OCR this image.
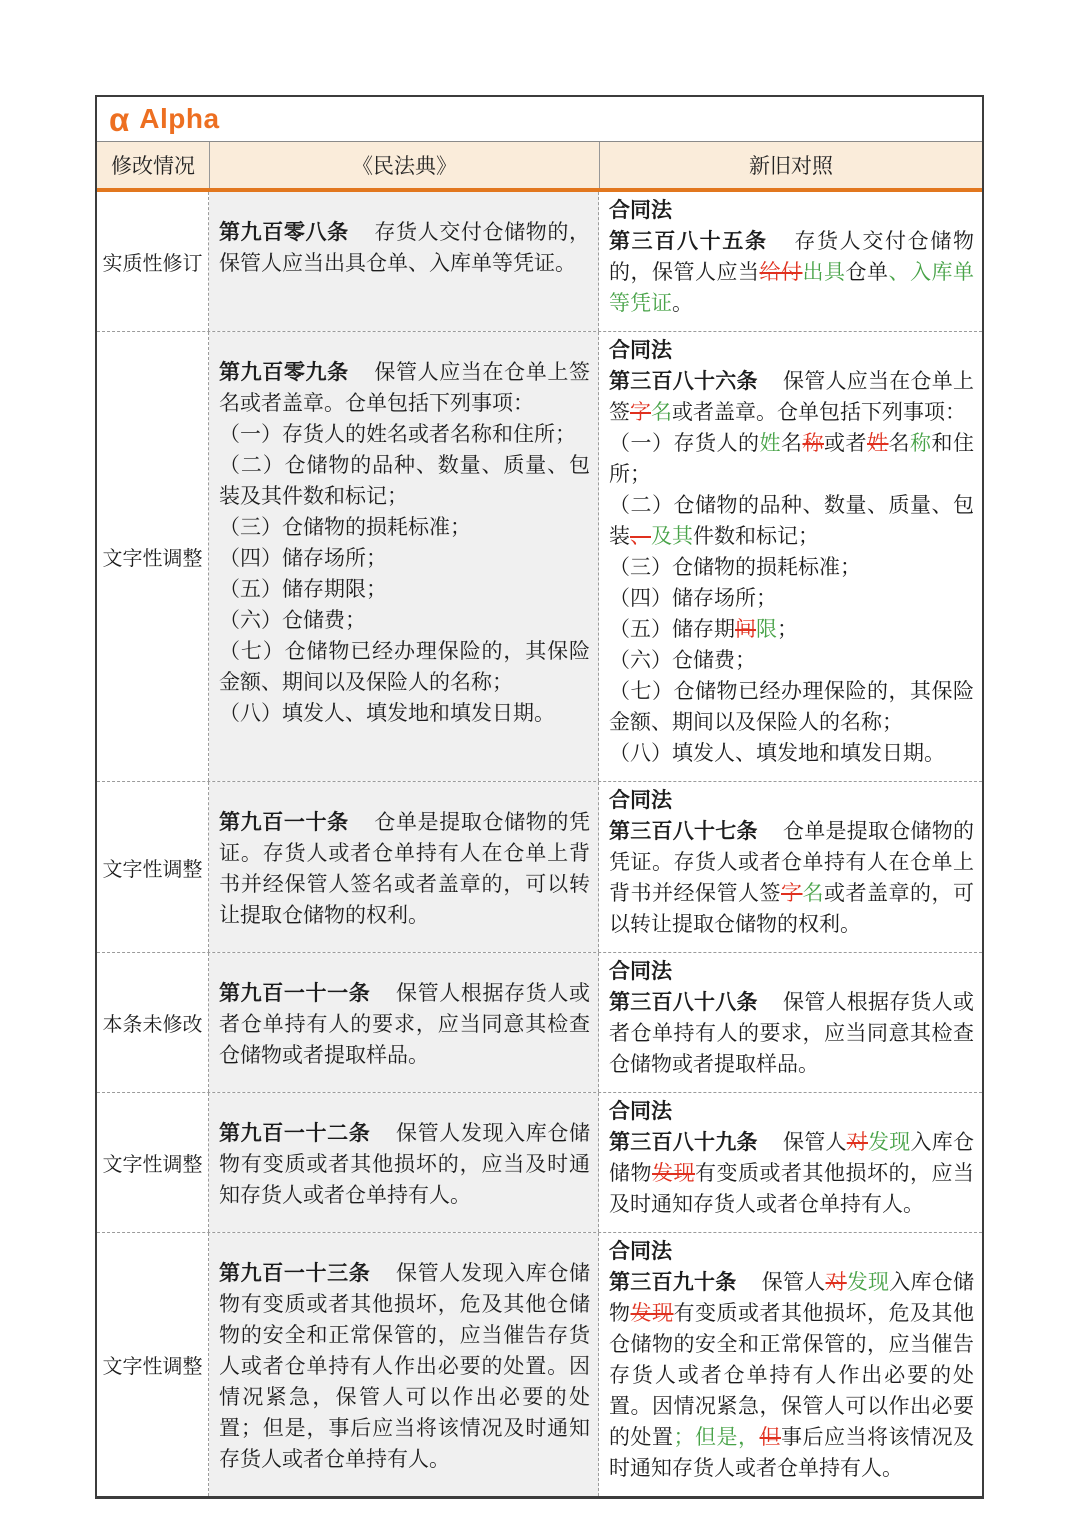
α Alpha
修改情况	《民法典》	新旧对照
实质性修订
第九百零八条　存货人交付仓储物的，保管人应当出具仓单、入库单等凭证。
合同法
第三百八十五条　存货人交付仓储物的，保管人应当给付出具仓单、入库单等凭证。
文字性调整
第九百零九条　保管人应当在仓单上签名或者盖章。仓单包括下列事项：
（一）存货人的姓名或者名称和住所；
（二）仓储物的品种、数量、质量、包装及其件数和标记；
（三）仓储物的损耗标准；
（四）储存场所；
（五）储存期限；
（六）仓储费；
（七）仓储物已经办理保险的，其保险金额、期间以及保险人的名称；
（八）填发人、填发地和填发日期。
合同法
第三百八十六条　保管人应当在仓单上签字名或者盖章。仓单包括下列事项：
（一）存货人的姓名称或者姓名称和住所；
（二）仓储物的品种、数量、质量、包装、及其件数和标记；
（三）仓储物的损耗标准；
（四）储存场所；
（五）储存期间限；
（六）仓储费；
（七）仓储物已经办理保险的，其保险金额、期间以及保险人的名称；
（八）填发人、填发地和填发日期。
文字性调整
第九百一十条　仓单是提取仓储物的凭证。存货人或者仓单持有人在仓单上背书并经保管人签名或者盖章的，可以转让提取仓储物的权利。
合同法
第三百八十七条　仓单是提取仓储物的凭证。存货人或者仓单持有人在仓单上背书并经保管人签字名或者盖章的，可以转让提取仓储物的权利。
本条未修改
第九百一十一条　保管人根据存货人或者仓单持有人的要求，应当同意其检查仓储物或者提取样品。
合同法
第三百八十八条　保管人根据存货人或者仓单持有人的要求，应当同意其检查仓储物或者提取样品。
文字性调整
第九百一十二条　保管人发现入库仓储物有变质或者其他损坏的，应当及时通知存货人或者仓单持有人。
合同法
第三百八十九条　保管人对发现入库仓储物发现有变质或者其他损坏的，应当及时通知存货人或者仓单持有人。
文字性调整
第九百一十三条　保管人发现入库仓储物有变质或者其他损坏，危及其他仓储物的安全和正常保管的，应当催告存货人或者仓单持有人作出必要的处置。因情况紧急，保管人可以作出必要的处置；但是，事后应当将该情况及时通知存货人或者仓单持有人。
合同法
第三百九十条　保管人对发现入库仓储物发现有变质或者其他损坏，危及其他仓储物的安全和正常保管的，应当催告存货人或者仓单持有人作出必要的处置。因情况紧急，保管人可以作出必要的处置；但是，但事后应当将该情况及时通知存货人或者仓单持有人。
